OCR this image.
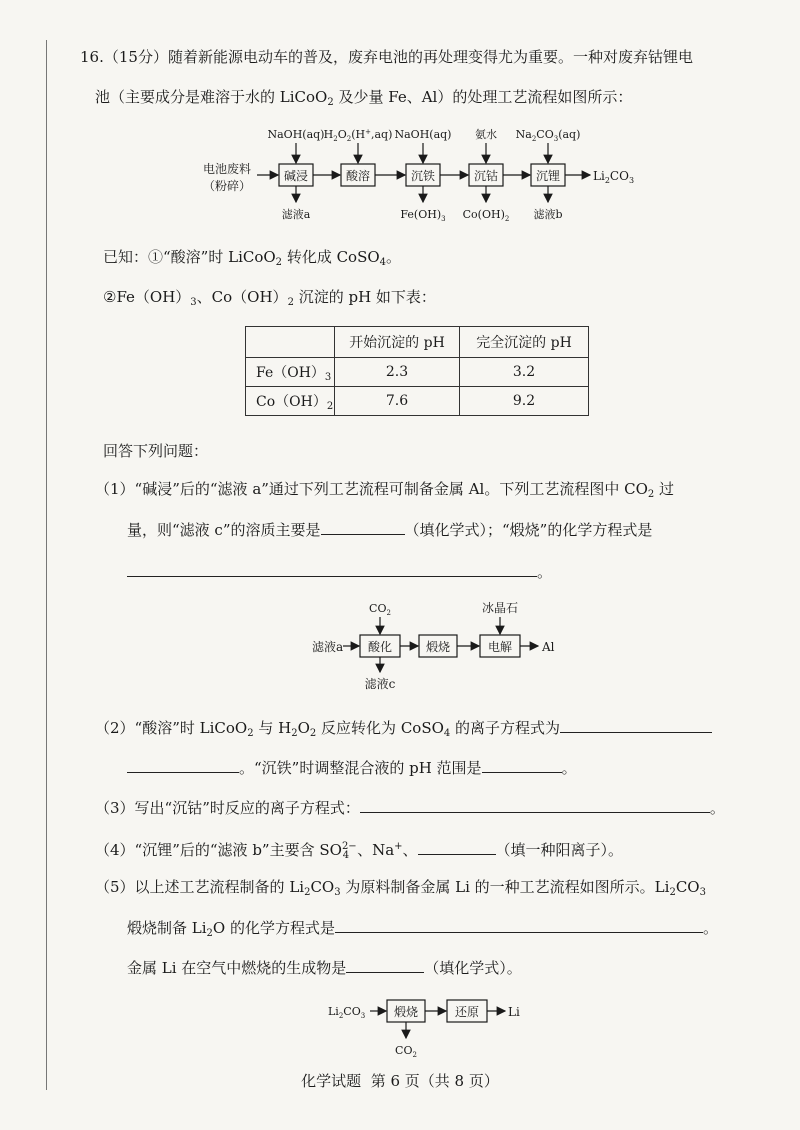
16.（15分）随着新能源电动车的普及，废弃电池的再处理变得尤为重要。一种对废弃钴锂电
池（主要成分是难溶于水的 LiCoO$_2$ 及少量 Fe、Al）的处理工艺流程如图所示：
电池废料
（粉碎）
碱浸	酸溶	沉铁	沉钴	沉锂	$Li_2CO_3$
NaOH(aq) $H_2O_2(H^+,aq)$ NaOH(aq) 氨水 $Na_2CO_3(aq)$
滤液a	$Fe(OH)_3$ $Co(OH)_2$ 滤液b
已知：①“酸溶”时 LiCoO$_2$ 转化成 CoSO$_4$。
$②Fe(OH)_3$、$Co(OH)_2$ 沉淀的 pH 如下表：
	开始沉淀的 pH	完全沉淀的 pH
$Fe(OH)_3$	2.3	3.2
$Co(OH)_2$	7.6	9.2
回答下列问题：
（1）“碱浸”后的“滤液 a”通过下列工艺流程可制备金属 Al。下列工艺流程图中 $CO_2$ 过
量，则“滤液 c”的溶质主要是	（填化学式）；“煅烧”的化学方程式是
。
滤液a 酸化	煅烧	电解 Al
$CO_2$	冰晶石
滤液c
（2）“酸溶”时 LiCoO$_2$ 与 $H_2O_2$ 反应转化为 CoSO$_4$ 的离子方程式为
。“沉铁”时调整混合液的 pH 范围是	。
（3）写出“沉钴”时反应的离子方程式：	。
（4）“沉锂”后的“滤液 b”主要含 $SO^{2-}_4$ 、Na+、	（填一种阳离子）。
（5）以上述工艺流程制备的 $Li_2CO_3$ 为原料制备金属 Li 的一种工艺流程如图所示。$Li_2CO_3$
煅烧制备 $Li_2O$ 的化学方程式是	。
金属 Li 在空气中燃烧的生成物是	（填化学式）。
$Li_2CO_3$ 煅烧	还原 Li
$CO_2$
化学试题 第 6 页（共 8 页）
